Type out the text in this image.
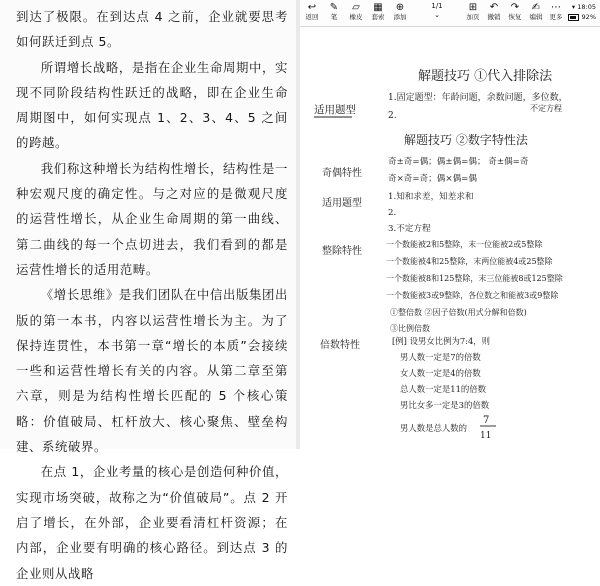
到达了极限。在到达点 4 之前，企业就要思考如何跃迁到点 5。

所谓增长战略，是指在企业生命周期中，实现不同阶段结构性跃迁的战略，即在企业生命周期图中，如何实现点 1、2、3、4、5 之间的跨越。

我们称这种增长为结构性增长，结构性是一种宏观尺度的确定性。与之对应的是微观尺度的运营性增长，从企业生命周期的第一曲线、第二曲线的每一个点切进去，我们看到的都是运营性增长的适用范畴。

《增长思维》是我们团队在中信出版集团出版的第一本书，内容以运营性增长为主。为了保持连贯性，本书第一章“增长的本质”会接续一些和运营性增长有关的内容。从第二章至第六章，则是为结构性增长匹配的 5 个核心策略：价值破局、杠杆放大、核心聚焦、壁垒构建、系统破界。

在点 1，企业考量的核心是创造何种价值，实现市场突破，故称之为“价值破局”。点 2 开启了增长，在外部，企业要看清杠杆资源；在内部，企业要有明确的核心路径。到达点 3 的企业则从战略

↩
返回
✎
笔
▱
橡皮
▦
套索
⊕
添加
1/1
⌄
⊞
加页
↶
撤销
↷
恢复
✍
编辑
⋯
更多
▾ 18:05
92%
解题技巧 ①代入排除法
适用题型
1.固定题型：年龄问题，余数问题，多位数，
2.
不定方程
解题技巧 ②数字特性法
奇偶特性
适用题型
奇±奇=偶；偶±偶=偶； 奇±偶=奇
奇×奇=奇；偶×偶=偶
1.知和求差，知差求和
2.
3.不定方程
整除特性
一个数能被2和5整除，末一位能被2或5整除
一个数能被4和25整除，末两位能被4或25整除
一个数能被8和125整除，末三位能被8或125整除
一个数能被3或9整除，各位数之和能被3或9整除
①整倍数 ②因子倍数(用式分解和倍数)
③比例倍数
倍数特性	[例] 设男女比例为7:4，则
男人数一定是7的倍数
女人数一定是4的倍数
总人数一定是11的倍数
男比女多一定是3的倍数
男人数是总人数的
7
11
